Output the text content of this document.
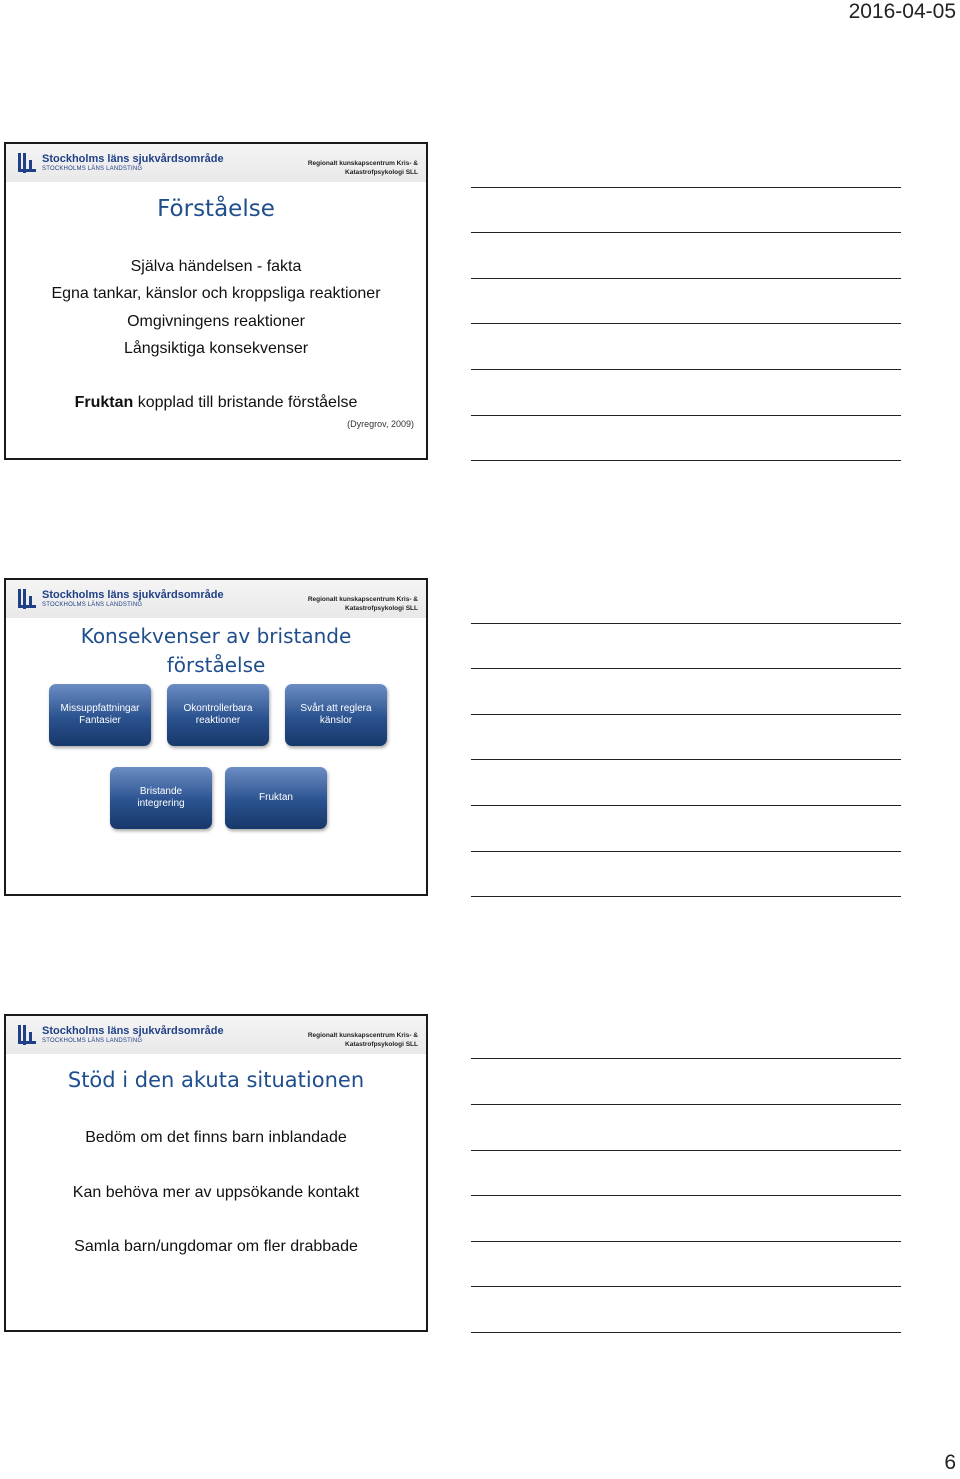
2016-04-05
Stockholms läns sjukvårdsområde
STOCKHOLMS LÄNS LANDSTING
Regionalt kunskapscentrum Kris- &
Katastrofpsykologi SLL
Förståelse
Själva händelsen - fakta
Egna tankar, känslor och kroppsliga reaktioner
Omgivningens reaktioner
Långsiktiga konsekvenser
Fruktan kopplad till bristande förståelse
(Dyregrov, 2009)
Stockholms läns sjukvårdsområde
STOCKHOLMS LÄNS LANDSTING
Regionalt kunskapscentrum Kris- &
Katastrofpsykologi SLL
Konsekvenser av bristande
förståelse
Missuppfattningar
Fantasier
Okontrollerbara
reaktioner
Svårt att reglera
känslor
Bristande
integrering
Fruktan
Stockholms läns sjukvårdsområde
STOCKHOLMS LÄNS LANDSTING
Regionalt kunskapscentrum Kris- &
Katastrofpsykologi SLL
Stöd i den akuta situationen
Bedöm om det finns barn inblandade
Kan behöva mer av uppsökande kontakt
Samla barn/ungdomar om fler drabbade
6
